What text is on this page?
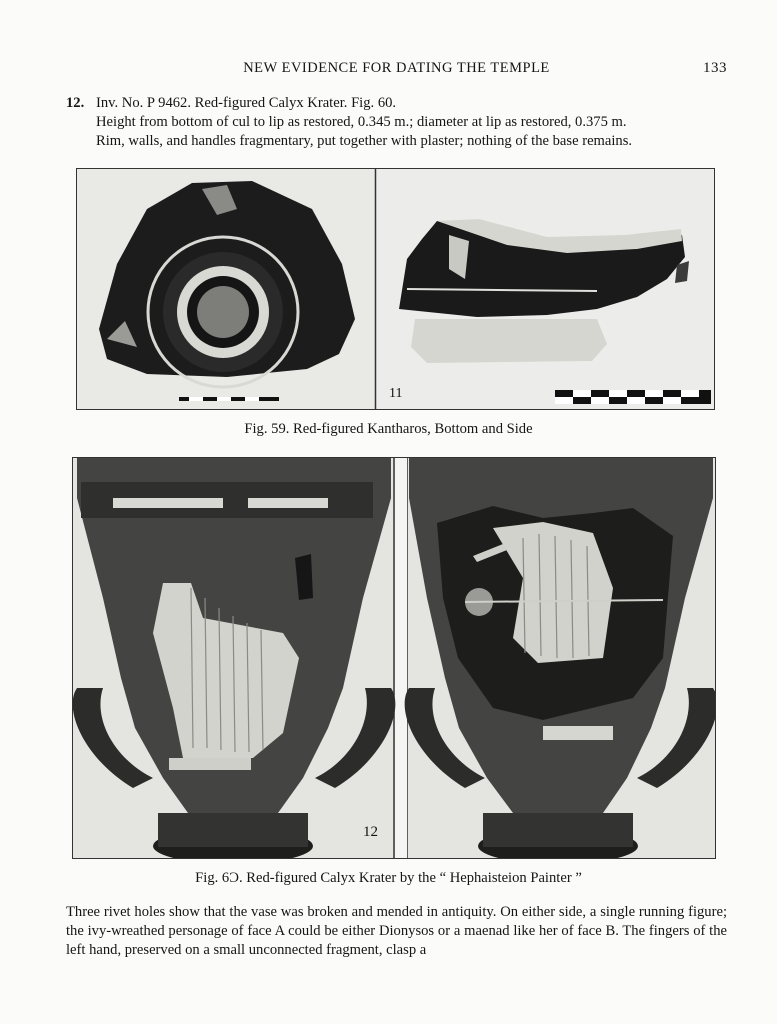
NEW EVIDENCE FOR DATING THE TEMPLE	133
12. Inv. No. P 9462. Red-figured Calyx Krater. Fig. 60.
Height from bottom of cul to lip as restored, 0.345 m.; diameter at lip as restored, 0.375 m.
Rim, walls, and handles fragmentary, put together with plaster; nothing of the base remains.
11
Fig. 59. Red-figured Kantharos, Bottom and Side
12
Fig. 6Ͻ. Red-figured Calyx Krater by the “ Hephaisteion Painter ”

Three rivet holes show that the vase was broken and mended in antiquity. On either side, a single running figure; the ivy-wreathed personage of face A could be either Dionysos or a maenad like her of face B. The fingers of the left hand, preserved on a small unconnected fragment, clasp a
